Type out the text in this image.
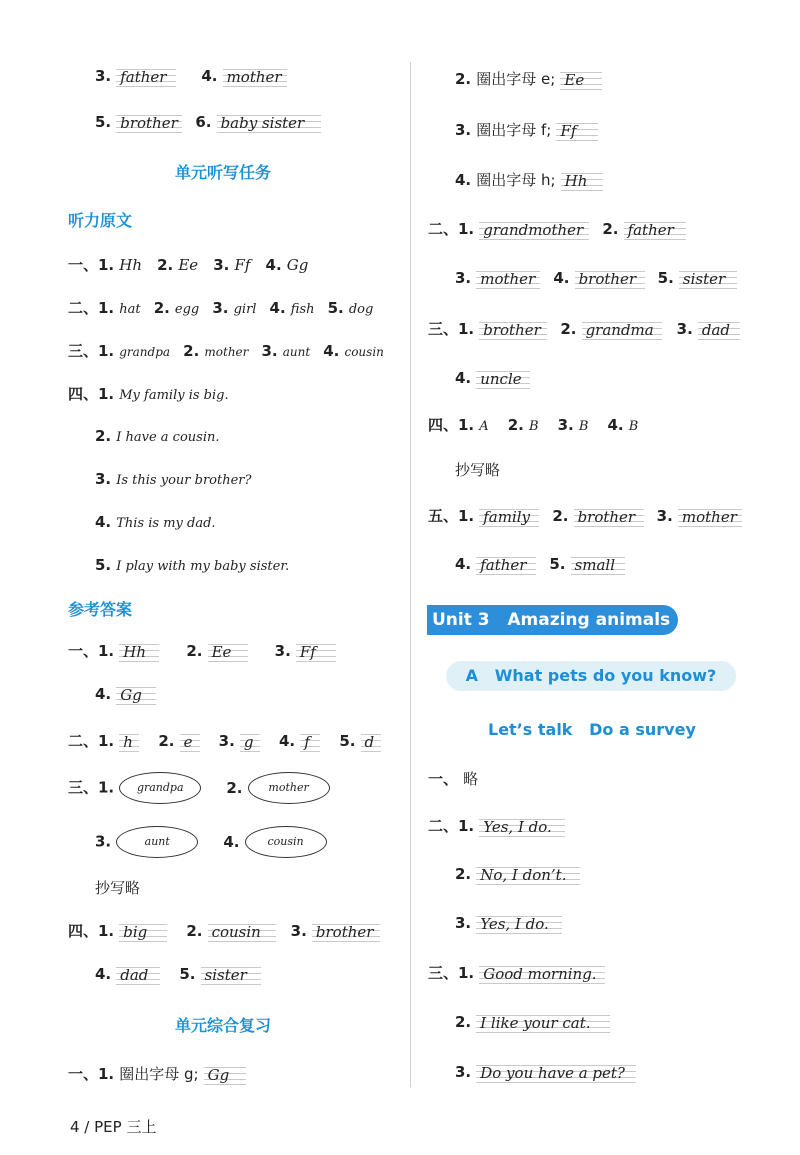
3. father 4. mother
5. brother 6. baby sister
单元听写任务
听力原文
一、1. Hh 2. Ee 3. Ff 4. Gg
二、1. hat 2. egg 3. girl 4. fish 5. dog
三、1. grandpa 2. mother 3. aunt 4. cousin
四、1. My family is big.
2. I have a cousin.
3. Is this your brother?
4. This is my dad.
5. I play with my baby sister.
参考答案
一、1. Hh	2. Ee	3. Ff
4. Gg
二、1. h 2. e 3. g 4. f 5. d
三、1. grandpa	2. mother
3.	aunt	4.	cousin
抄写略
四、1. big	2. cousin 3. brother
4. dad 5. sister
单元综合复习
一、1. 圈出字母 g; Gg
4 / PEP 三上
2. 圈出字母 e; Ee
3. 圈出字母 f; Ff
4. 圈出字母 h; Hh
二、1. grandmother 2. father
3. mother 4. brother 5. sister
三、1. brother 2. grandma 3. dad
4. uncle
四、1. A 2. B 3. B 4. B
抄写略
五、1. family 2. brother 3. mother
4. father 5. small
Unit 3   Amazing animals
A   What pets do you know?
Let’s talk   Do a survey
一、 略
二、1. Yes, I do.
2. No, I don’t.
3. Yes, I do.
三、1. Good morning.
2. I like your cat.
3. Do you have a pet?
